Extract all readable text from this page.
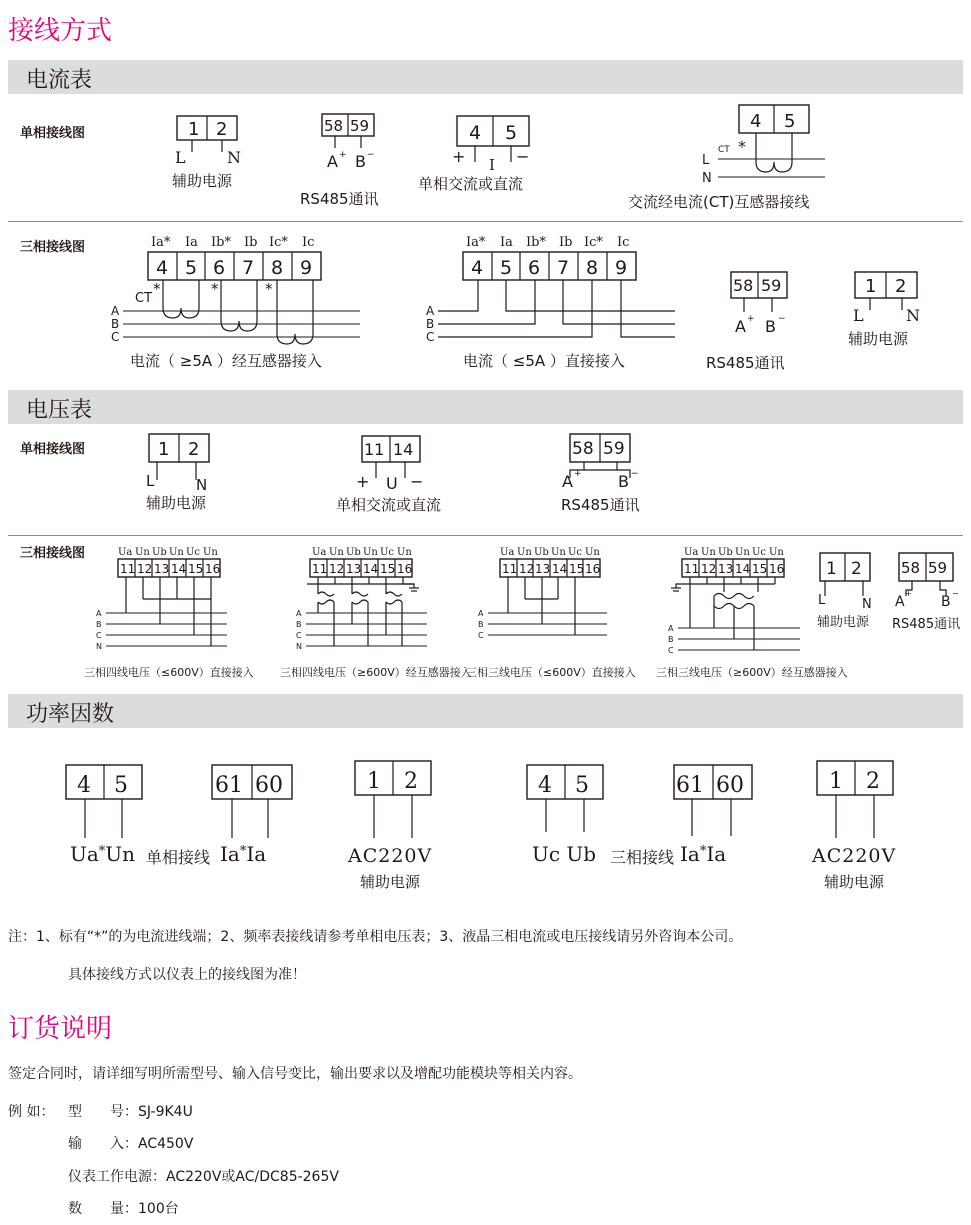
接线方式
电流表
单相接线图	1 2
L	N
辅助电源
58 59
A + B −
RS485通讯
4 5
+ I −
单相交流或直流
4 5
CT *
L
N
交流经电流(CT)互感器接线
三相接线图	Ia* Ia Ib* Ib Ic* Ic
4 5 6 7 8 9
CT
*	*	*
A
B
C
电流（ ≥5A ）经互感器接入
Ia* Ia Ib* Ib Ic* Ic
4 5 6 7 8 9
A
B
C
电流（ ≤5A ）直接接入
58 59
A + B −
RS485通讯
1 2
L	N
辅助电源
电压表
单相接线图	1 2
L	N
辅助电源
11 14
+ U −
单相交流或直流
58 59
A + B −
RS485通讯
三相接线图	Ua Un Ub Un Uc Un
11 12 13 14 15 16
A
B
C
N
三相四线电压（≤600V）直接接入
Ua Un Ub Un Uc Un
11 12 13 14 15 16
A
B
C
N
三相四线电压（≥600V）经互感器接入
Ua Un Ub Un Uc Un
11 12 13 14 15 16
A
B
C
三相三线电压（≤600V）直接接入
Ua Un Ub Un Uc Un
11 12 13 14 15 16
A
B
C
三相三线电压（≥600V）经互感器接入
1 2
L	N
辅助电源
58 59
A
+
B
−
RS485通讯
功率因数
4 5
Ua*Un 单相接线 Ia*Ia
61 60	1 2
AC220V
辅助电源
4 5
Uc Ub 三相接线 Ia*Ia
61 60	1 2
AC220V
辅助电源
注：1、标有“*”的为电流进线端；2、频率表接线请参考单相电压表；3、液晶三相电流或电压接线请另外咨询本公司。
具体接线方式以仪表上的接线图为准！
订货说明
签定合同时，请详细写明所需型号、输入信号变比，输出要求以及增配功能模块等相关内容。
例 如： 型　　号：SJ-9K4U
输　　入：AC450V
仪表工作电源：AC220V或AC/DC85-265V
数　　量：100台
